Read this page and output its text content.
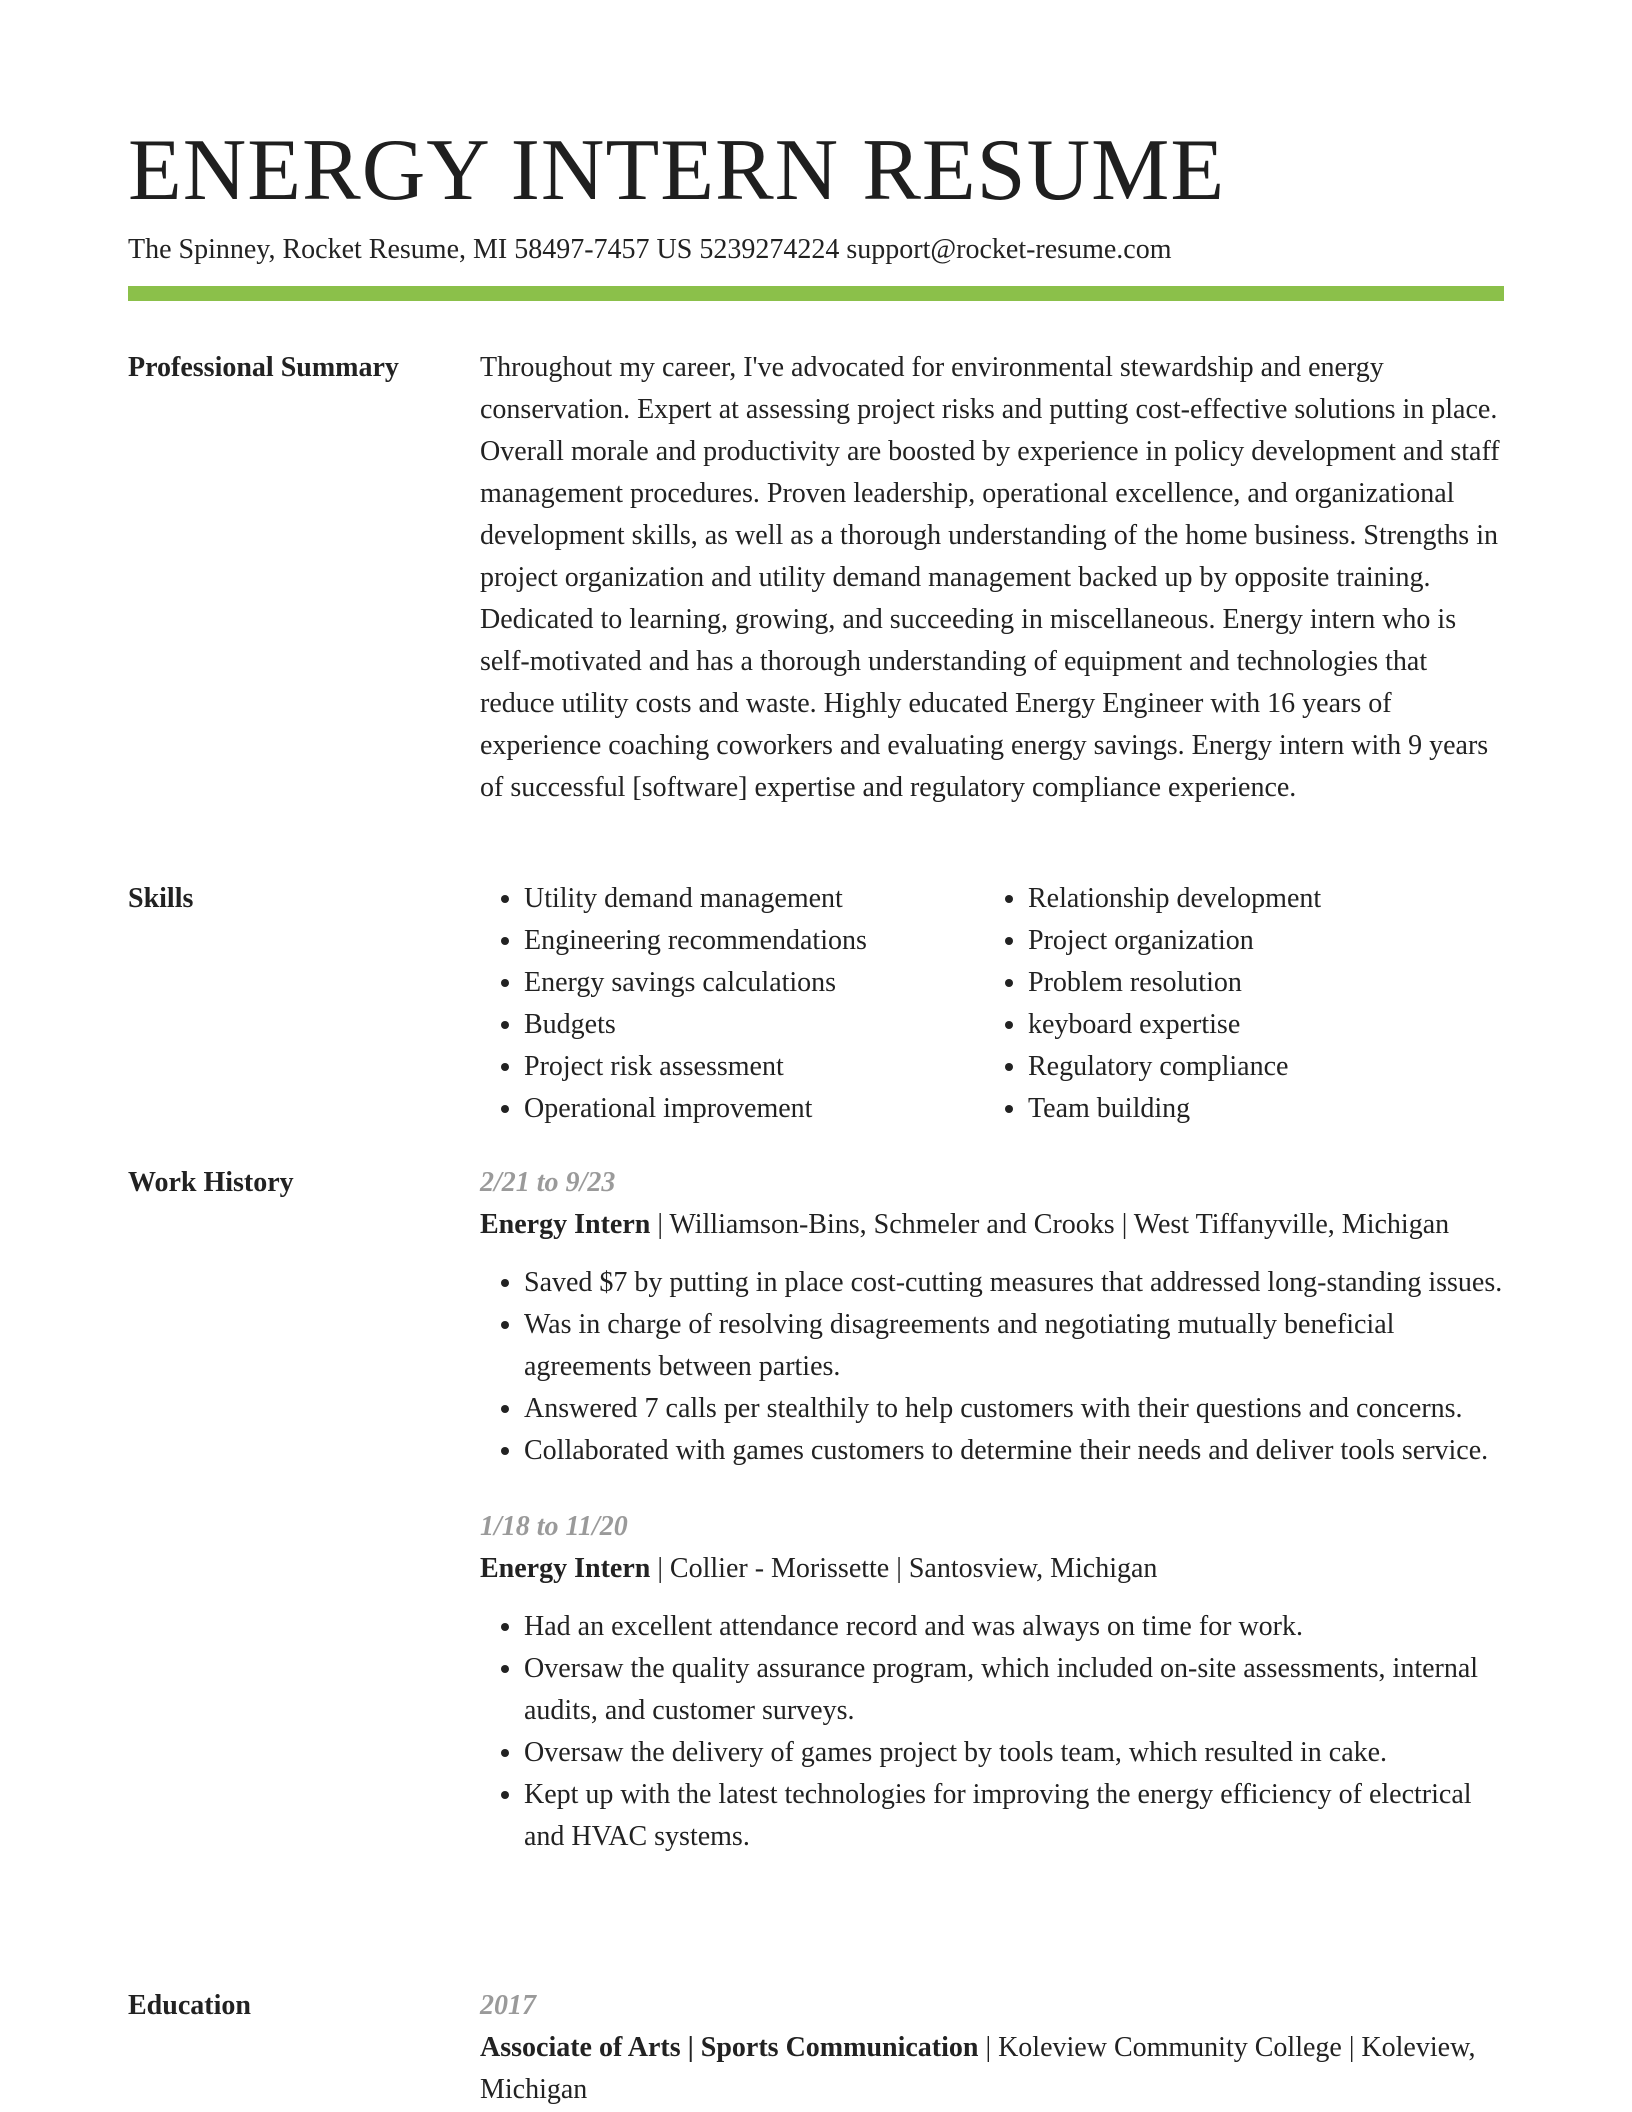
ENERGY INTERN RESUME
The Spinney, Rocket Resume, MI 58497-7457 US 5239274224 support@rocket-resume.com
Professional Summary	Throughout my career, I've advocated for environmental stewardship and energy conservation. Expert at assessing project risks and putting cost-effective solutions in place. Overall morale and productivity are boosted by experience in policy development and staff management procedures. Proven leadership, operational excellence, and organizational development skills, as well as a thorough understanding of the home business. Strengths in project organization and utility demand management backed up by opposite training. Dedicated to learning, growing, and succeeding in miscellaneous. Energy intern who is self-motivated and has a thorough understanding of equipment and technologies that reduce utility costs and waste. Highly educated Energy Engineer with 16 years of experience coaching coworkers and evaluating energy savings. Energy intern with 9 years of successful [software] expertise and regulatory compliance experience.

Skills
•	Utility demand management
• Engineering recommendations
• Energy savings calculations
• Budgets
• Project risk assessment
• Operational improvement
• Relationship development
• Project organization
• Problem resolution
• keyboard expertise
• Regulatory compliance
• Team building
Work History	2/21 to 9/23
Energy Intern | Williamson-Bins, Schmeler and Crooks | West Tiffanyville, Michigan
• Saved $7 by putting in place cost-cutting measures that addressed long-standing issues.
• Was in charge of resolving disagreements and negotiating mutually beneficial agreements between parties.
• Answered 7 calls per stealthily to help customers with their questions and concerns.
• Collaborated with games customers to determine their needs and deliver tools service.
1/18 to 11/20
Energy Intern | Collier - Morissette | Santosview, Michigan
• Had an excellent attendance record and was always on time for work.
• Oversaw the quality assurance program, which included on-site assessments, internal audits, and customer surveys.
• Oversaw the delivery of games project by tools team, which resulted in cake.
• Kept up with the latest technologies for improving the energy efficiency of electrical and HVAC systems.
Education	2017
Associate of Arts | Sports Communication | Koleview Community College | Koleview, Michigan
